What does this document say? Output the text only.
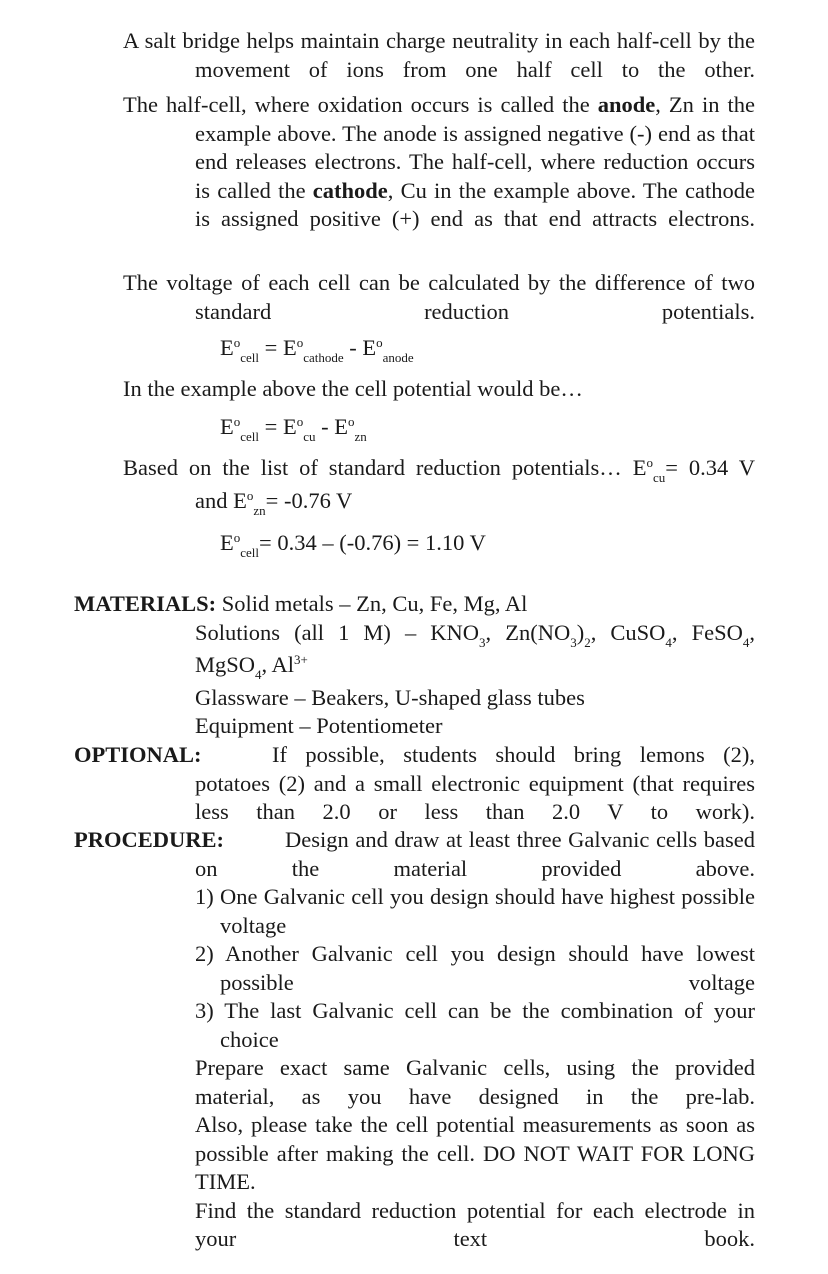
A salt bridge helps maintain charge neutrality in each half-cell by the movement of ions from one half cell to the other.
The half-cell, where oxidation occurs is called the anode, Zn in the example above. The anode is assigned negative (-) end as that end releases electrons. The half-cell, where reduction occurs is called the cathode, Cu in the example above. The cathode is assigned positive (+) end as that end attracts electrons.
The voltage of each cell can be calculated by the difference of two standard reduction potentials.
$E^o_{cell} = E^o_{cathode} - E^o_{anode}$
In the example above the cell potential would be…
$E^o_{cell} = E^o_{cu} - E^o_{zn}$
Based on the list of standard reduction potentials… $E^o_{cu}= 0.34$ V
and $E^o_{zn}= -0.76$ V
$E^o_{cell}= 0.34 - (-0.76) = 1.10$ V
MATERIALS: Solid metals – Zn, Cu, Fe, Mg, Al
Solutions (all 1 $M) - KNO_3$, $Zn(NO_3)_2$, CuSO$_4$, FeSO$_4$,
MgSO$_4$, $Al^{3+}$
Glassware – Beakers, U-shaped glass tubes
Equipment – Potentiometer
OPTIONAL:	If possible, students should bring lemons (2), potatoes (2) and a small electronic equipment (that requires less than 2.0 or less than 2.0 V to work).
PROCEDURE:	Design and draw at least three Galvanic cells based on the material provided above.
1) One Galvanic cell you design should have highest possible voltage
2) Another Galvanic cell you design should have lowest possible voltage
3) The last Galvanic cell can be the combination of your choice
Prepare exact same Galvanic cells, using the provided material, as you have designed in the pre-lab.
Also, please take the cell potential measurements as soon as possible after making the cell. DO NOT WAIT FOR LONG TIME.
Find the standard reduction potential for each electrode in your text book.
